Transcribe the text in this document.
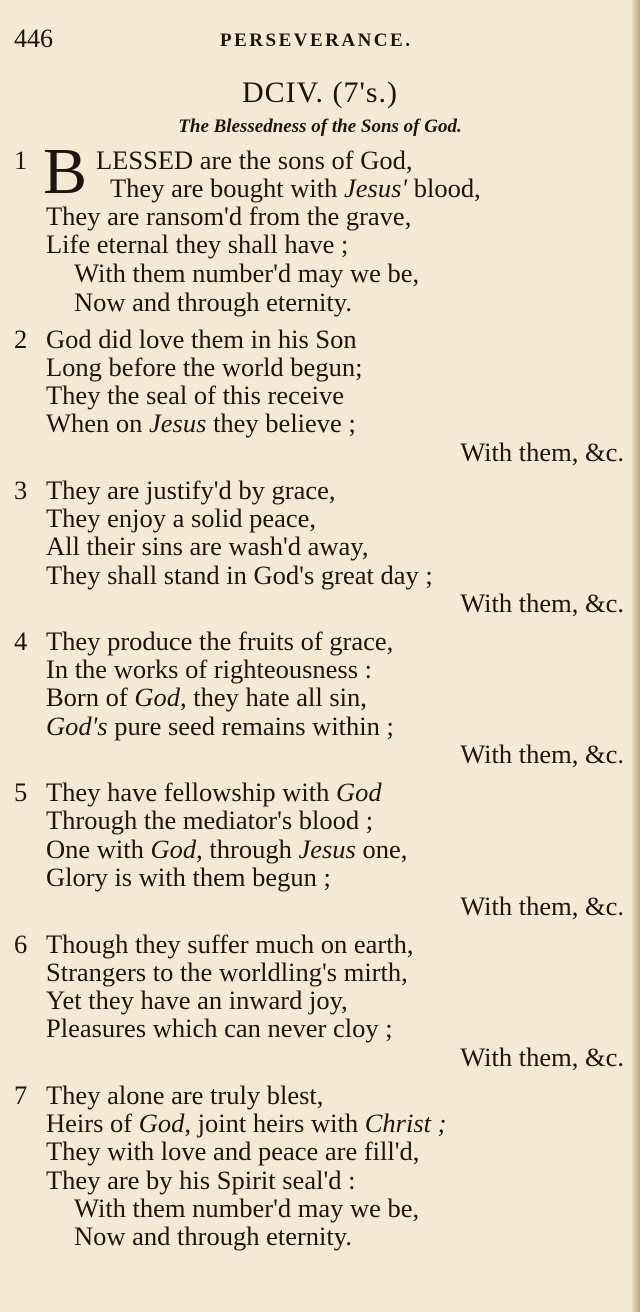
446	PERSEVERANCE.
DCIV. (7's.)
The Blessedness of the Sons of God.
1 B LESSED are the sons of God,
They are bought with Jesus' blood,
They are ransom'd from the grave,
Life eternal they shall have ;
With them number'd may we be,
Now and through eternity.
2 God did love them in his Son
Long before the world begun;
They the seal of this receive
When on Jesus they believe ;
With them, &c.
3 They are justify'd by grace,
They enjoy a solid peace,
All their sins are wash'd away,
They shall stand in God's great day ;
With them, &c.
4 They produce the fruits of grace,
In the works of righteousness :
Born of God, they hate all sin,
God's pure seed remains within ;
With them, &c.
5 They have fellowship with God
Through the mediator's blood ;
One with God, through Jesus one,
Glory is with them begun ;
With them, &c.
6 Though they suffer much on earth,
Strangers to the worldling's mirth,
Yet they have an inward joy,
Pleasures which can never cloy ;
With them, &c.
7 They alone are truly blest,
Heirs of God, joint heirs with Christ ;
They with love and peace are fill'd,
They are by his Spirit seal'd :
With them number'd may we be,
Now and through eternity.
